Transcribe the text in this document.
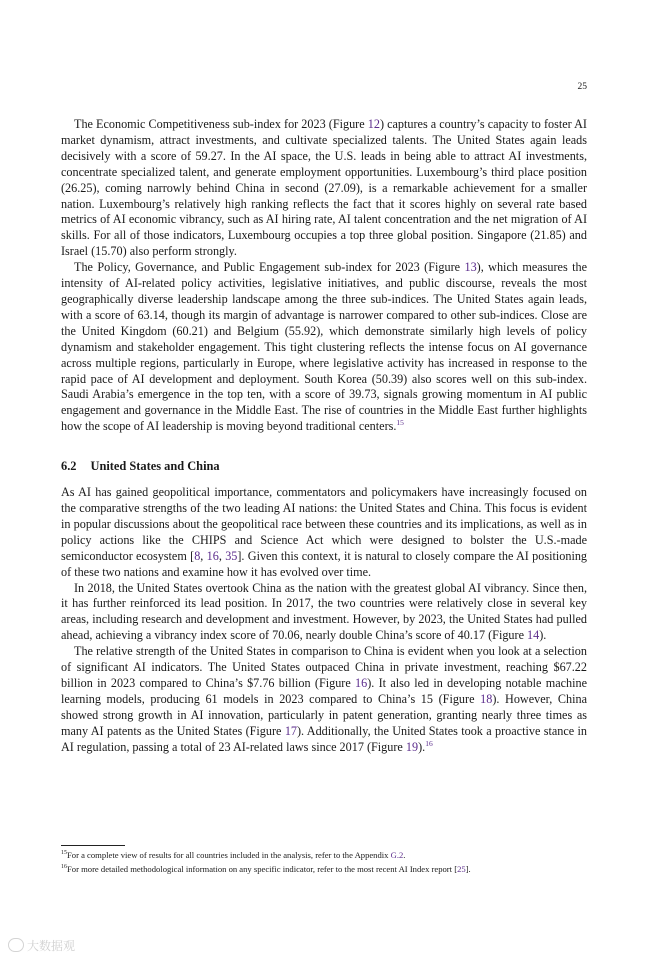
25

The Economic Competitiveness sub-index for 2023 (Figure 12) captures a country’s capacity to foster AI market dynamism, attract investments, and cultivate specialized talents. The United States again leads decisively with a score of 59.27. In the AI space, the U.S. leads in being able to attract AI investments, concentrate specialized talent, and generate employment opportunities. Luxembourg’s third place position (26.25), coming narrowly behind China in second (27.09), is a remarkable achievement for a smaller nation. Luxembourg’s relatively high ranking reflects the fact that it scores highly on several rate based metrics of AI economic vibrancy, such as AI hiring rate, AI talent concentration and the net migration of AI skills. For all of those indicators, Luxembourg occupies a top three global position. Singapore (21.85) and Israel (15.70) also perform strongly.

The Policy, Governance, and Public Engagement sub-index for 2023 (Figure 13), which measures the intensity of AI-related policy activities, legislative initiatives, and public discourse, reveals the most geographically diverse leadership landscape among the three sub-indices. The United States again leads, with a score of 63.14, though its margin of advantage is narrower compared to other sub-indices. Close are the United Kingdom (60.21) and Belgium (55.92), which demonstrate similarly high levels of policy dynamism and stakeholder engagement. This tight clustering reflects the intense focus on AI governance across multiple regions, particularly in Europe, where legislative activity has increased in response to the rapid pace of AI development and deployment. South Korea (50.39) also scores well on this sub-index. Saudi Arabia’s emergence in the top ten, with a score of 39.73, signals growing momentum in AI public engagement and governance in the Middle East. The rise of countries in the Middle East further highlights how the scope of AI leadership is moving beyond traditional centers.$^{15}$

6.2 United States and China

As AI has gained geopolitical importance, commentators and policymakers have increasingly focused on the comparative strengths of the two leading AI nations: the United States and China. This focus is evident in popular discussions about the geopolitical race between these countries and its implications, as well as in policy actions like the CHIPS and Science Act which were designed to bolster the U.S.-made semiconductor ecosystem [8, 16, 35]. Given this context, it is natural to closely compare the AI positioning of these two nations and examine how it has evolved over time.

In 2018, the United States overtook China as the nation with the greatest global AI vibrancy. Since then, it has further reinforced its lead position. In 2017, the two countries were relatively close in several key areas, including research and development and investment. However, by 2023, the United States had pulled ahead, achieving a vibrancy index score of 70.06, nearly double China’s score of 40.17 (Figure 14).

The relative strength of the United States in comparison to China is evident when you look at a selection of significant AI indicators. The United States outpaced China in private investment, reaching $67.22 billion in 2023 compared to China’s $7.76 billion (Figure 16). It also led in developing notable machine learning models, producing 61 models in 2023 compared to China’s 15 (Figure 18). However, China showed strong growth in AI innovation, particularly in patent generation, granting nearly three times as many AI patents as the United States (Figure 17). Additionally, the United States took a proactive stance in AI regulation, passing a total of 23 AI-related laws since 2017 (Figure 19).$^{16}$

$^{15}$For a complete view of results for all countries included in the analysis, refer to the Appendix G.2.
$^{16}$For more detailed methodological information on any specific indicator, refer to the most recent AI Index report [25].
大数据观
